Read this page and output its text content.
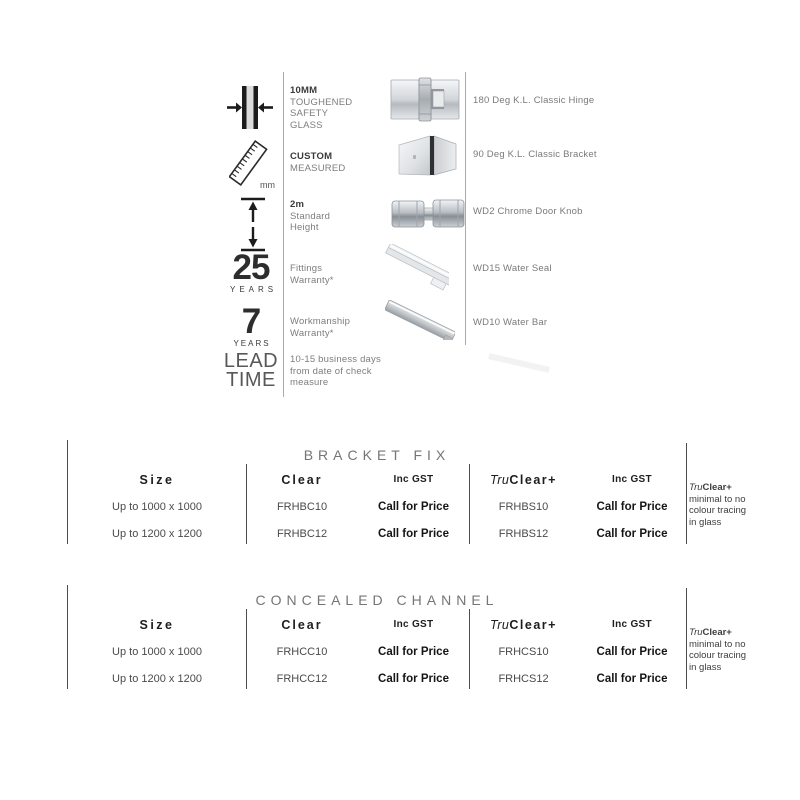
10MM
TOUGHENED
SAFETY
GLASS
mm
CUSTOM
MEASURED
2m
Standard
Height
25
YEARS
Fittings
Warranty*
7
YEARS
Workmanship
Warranty*
LEAD
TIME
10-15 business days
from date of check
measure
180 Deg K.L. Classic Hinge
90 Deg K.L. Classic Bracket
WD2 Chrome Door Knob
WD15 Water Seal
WD10 Water Bar
BRACKET FIX
Size	Clear	Inc GST	Tru Clear+	Inc GST
Up to 1000 x 1000	FRHBC10	Call for Price	FRHBS10	Call for Price
Up to 1200 x 1200	FRHBC12	Call for Price	FRHBS12	Call for Price
TruClear+
minimal to no
colour tracing
in glass
CONCEALED CHANNEL
Size	Clear	Inc GST	Tru Clear+	Inc GST
Up to 1000 x 1000	FRHCC10	Call for Price	FRHCS10	Call for Price
Up to 1200 x 1200	FRHCC12	Call for Price	FRHCS12	Call for Price
TruClear+
minimal to no
colour tracing
in glass
